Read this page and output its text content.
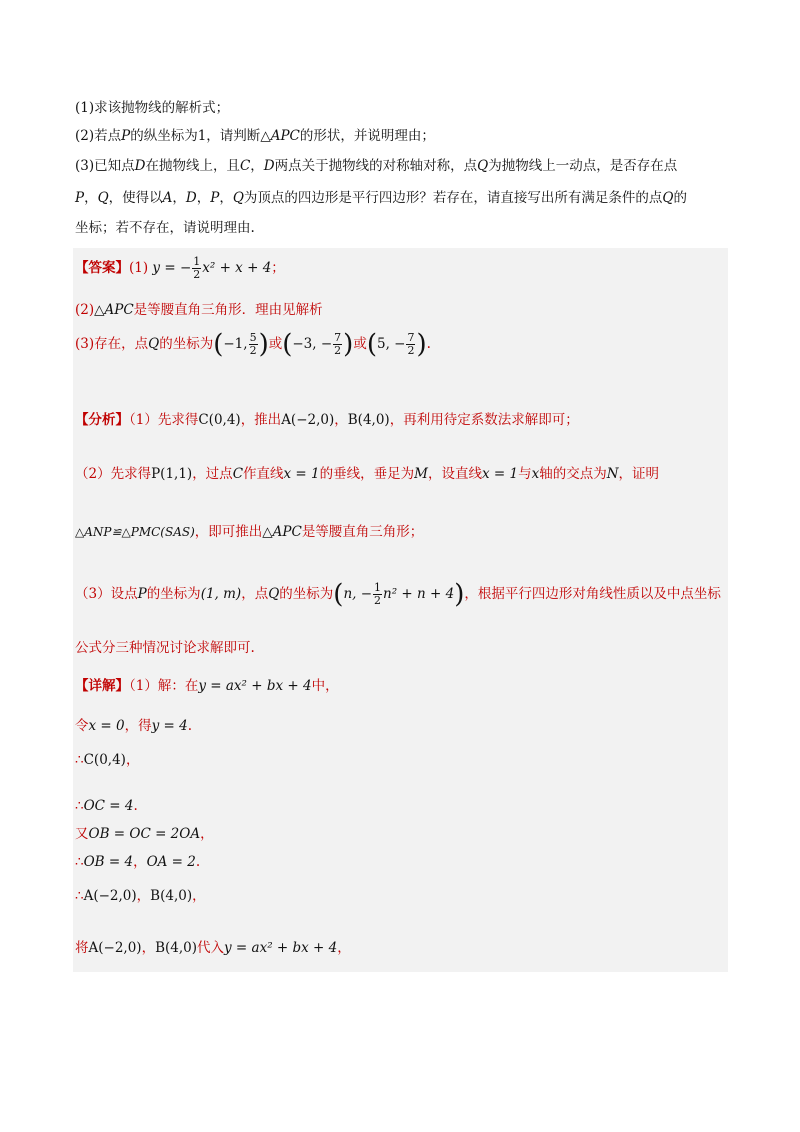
(1)求该抛物线的解析式；
(2)若点P的纵坐标为1，请判断△APC的形状，并说明理由；
(3)已知点D在抛物线上，且C，D两点关于抛物线的对称轴对称，点Q为抛物线上一动点，是否存在点
P，Q，使得以A，D，P，Q为顶点的四边形是平行四边形？若存在，请直接写出所有满足条件的点Q的
坐标；若不存在，请说明理由.
【答案】(1) y = − $\frac{1}{2} x^2 + x + 4$；
(2)△APC是等腰直角三角形．理由见解析
(3)存在，点Q的坐标为(−1, $\frac{5}{2}$ )或(−3, − $\frac{7}{2}$ )或(5, − $\frac{7}{2}$ ).
【分析】（1）先求得C(0,4)，推出A(−2,0)，B(4,0)，再利用待定系数法求解即可；
（2）先求得P(1,1)，过点C作直线x = 1的垂线，垂足为M，设直线x = 1与x轴的交点为N，证明
△ANP≌△PMC(SAS)，即可推出△APC是等腰直角三角形；
（3）设点P的坐标为(1, m)，点Q的坐标为(n, − $\frac{1}{2} n^2 + n + 4$)，根据平行四边形对角线性质以及中点坐标
公式分三种情况讨论求解即可.
【详解】（1）解：在y = ax² + bx + 4中，
令x = 0，得y = 4.
∴C(0,4)，
∴OC = 4.
又OB = OC = 2OA，
∴OB = 4，OA = 2.
∴A(−2,0)，B(4,0)，
将A(−2,0)，B(4,0)代入y = ax² + bx + 4，
